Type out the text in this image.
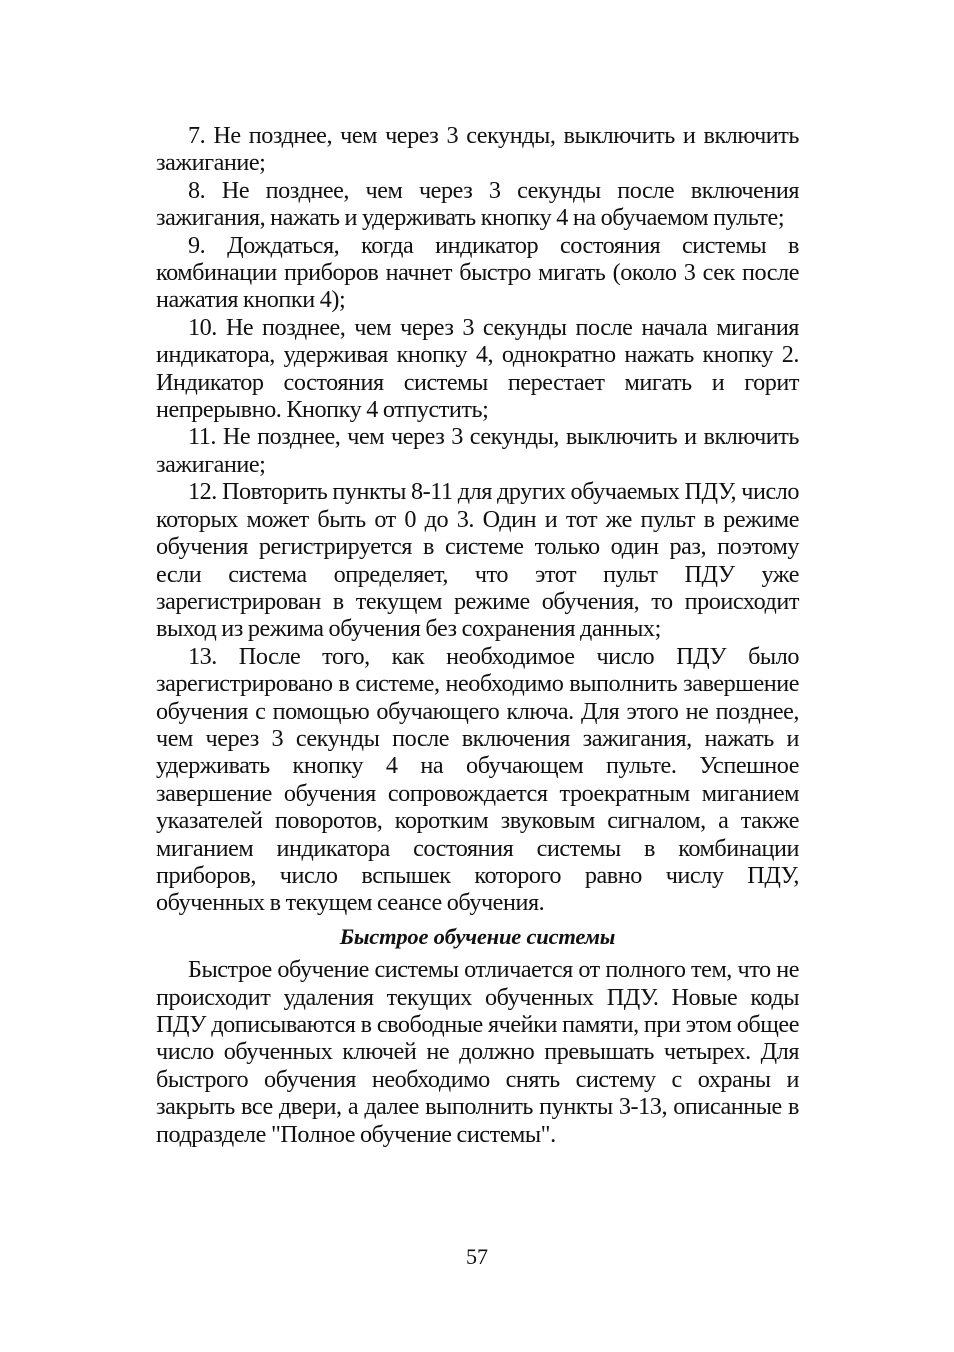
7. Не позднее, чем через 3 секунды, выключить и включить зажигание;

8. Не позднее, чем через 3 секунды после включения зажигания, нажать и удерживать кнопку 4 на обучаемом пульте;

9. Дождаться, когда индикатор состояния системы в комбинации приборов начнет быстро мигать (около 3 сек после нажатия кнопки 4);

10. Не позднее, чем через 3 секунды после начала мигания индикатора, удерживая кнопку 4, однократно нажать кнопку 2. Индикатор состояния системы перестает мигать и горит непрерывно. Кнопку 4 отпустить;

11. Не позднее, чем через 3 секунды, выключить и включить зажигание;

12. Повторить пункты 8-11 для других обучаемых ПДУ, число которых может быть от 0 до 3. Один и тот же пульт в режиме обучения регистрируется в системе только один раз, поэтому если система определяет, что этот пульт ПДУ уже зарегистрирован в текущем режиме обучения, то происходит выход из режима обучения без сохранения данных;

13. После того, как необходимое число ПДУ было зарегистрировано в системе, необходимо выполнить завершение обучения с помощью обучающего ключа. Для этого не позднее, чем через 3 секунды после включения зажигания, нажать и удерживать кнопку 4 на обучающем пульте. Успешное завершение обучения сопровождается троекратным миганием указателей поворотов, коротким звуковым сигналом, а также миганием индикатора состояния системы в комбинации приборов, число вспышек которого равно числу ПДУ, обученных в текущем сеансе обучения.

Быстрое обучение системы

Быстрое обучение системы отличается от полного тем, что не происходит удаления текущих обученных ПДУ. Новые коды ПДУ дописываются в свободные ячейки памяти, при этом общее число обученных ключей не должно превышать четырех. Для быстрого обучения необходимо снять систему с охраны и закрыть все двери, а далее выполнить пункты 3-13, описанные в подразделе "Полное обучение системы".

57
